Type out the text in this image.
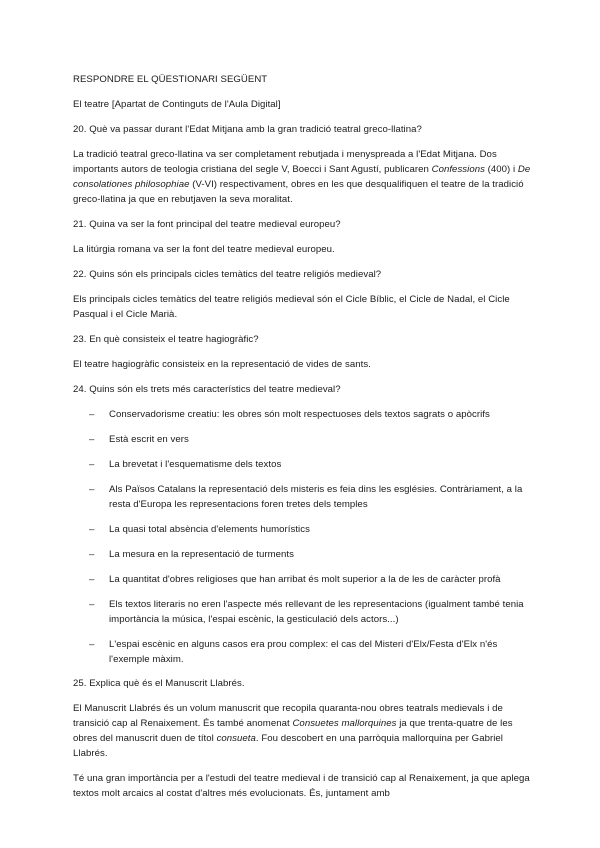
RESPONDRE EL QÜESTIONARI SEGÜENT

El teatre [Apartat de Continguts de l'Aula Digital]

20. Què va passar durant l'Edat Mitjana amb la gran tradició teatral greco-llatina?

La tradició teatral greco-llatina va ser completament rebutjada i menyspreada a l'Edat Mitjana. Dos importants autors de teologia cristiana del segle V, Boecci i Sant Agustí, publicaren Confessions (400) i De consolationes philosophiae (V-VI) respectivament, obres en les que desqualifiquen el teatre de la tradició greco-llatina ja que en rebutjaven la seva moralitat.

21. Quina va ser la font principal del teatre medieval europeu?

La litúrgia romana va ser la font del teatre medieval europeu.

22. Quins són els principals cicles temàtics del teatre religiós medieval?

Els principals cicles temàtics del teatre religiós medieval són el Cicle Bíblic, el Cicle de Nadal, el Cicle Pasqual i el Cicle Marià.

23. En què consisteix el teatre hagiogràfic?

El teatre hagiogràfic consisteix en la representació de vides de sants.

24. Quins són els trets més característics del teatre medieval?

– Conservadorisme creatiu: les obres són molt respectuoses dels textos sagrats o apòcrifs
– Està escrit en vers
– La brevetat i l'esquematisme dels textos
– Als Països Catalans la representació dels misteris es feia dins les esglésies. Contràriament, a la resta d'Europa les representacions foren tretes dels temples
– La quasi total absència d'elements humorístics
– La mesura en la representació de turments
– La quantitat d'obres religioses que han arribat és molt superior a la de les de caràcter profà
– Els textos literaris no eren l'aspecte més rellevant de les representacions (igualment també tenia importància la música, l'espai escènic, la gesticulació dels actors...)
– L'espai escènic en alguns casos era prou complex: el cas del Misteri d'Elx/Festa d'Elx n'és l'exemple màxim.

25. Explica què és el Manuscrit Llabrés.

El Manuscrit Llabrés és un volum manuscrit que recopila quaranta-nou obres teatrals medievals i de transició cap al Renaixement. És també anomenat Consuetes mallorquines ja que trenta-quatre de les obres del manuscrit duen de títol consueta. Fou descobert en una parròquia mallorquina per Gabriel Llabrés.

Té una gran importància per a l'estudi del teatre medieval i de transició cap al Renaixement, ja que aplega textos molt arcaics al costat d'altres més evolucionats. És, juntament amb
